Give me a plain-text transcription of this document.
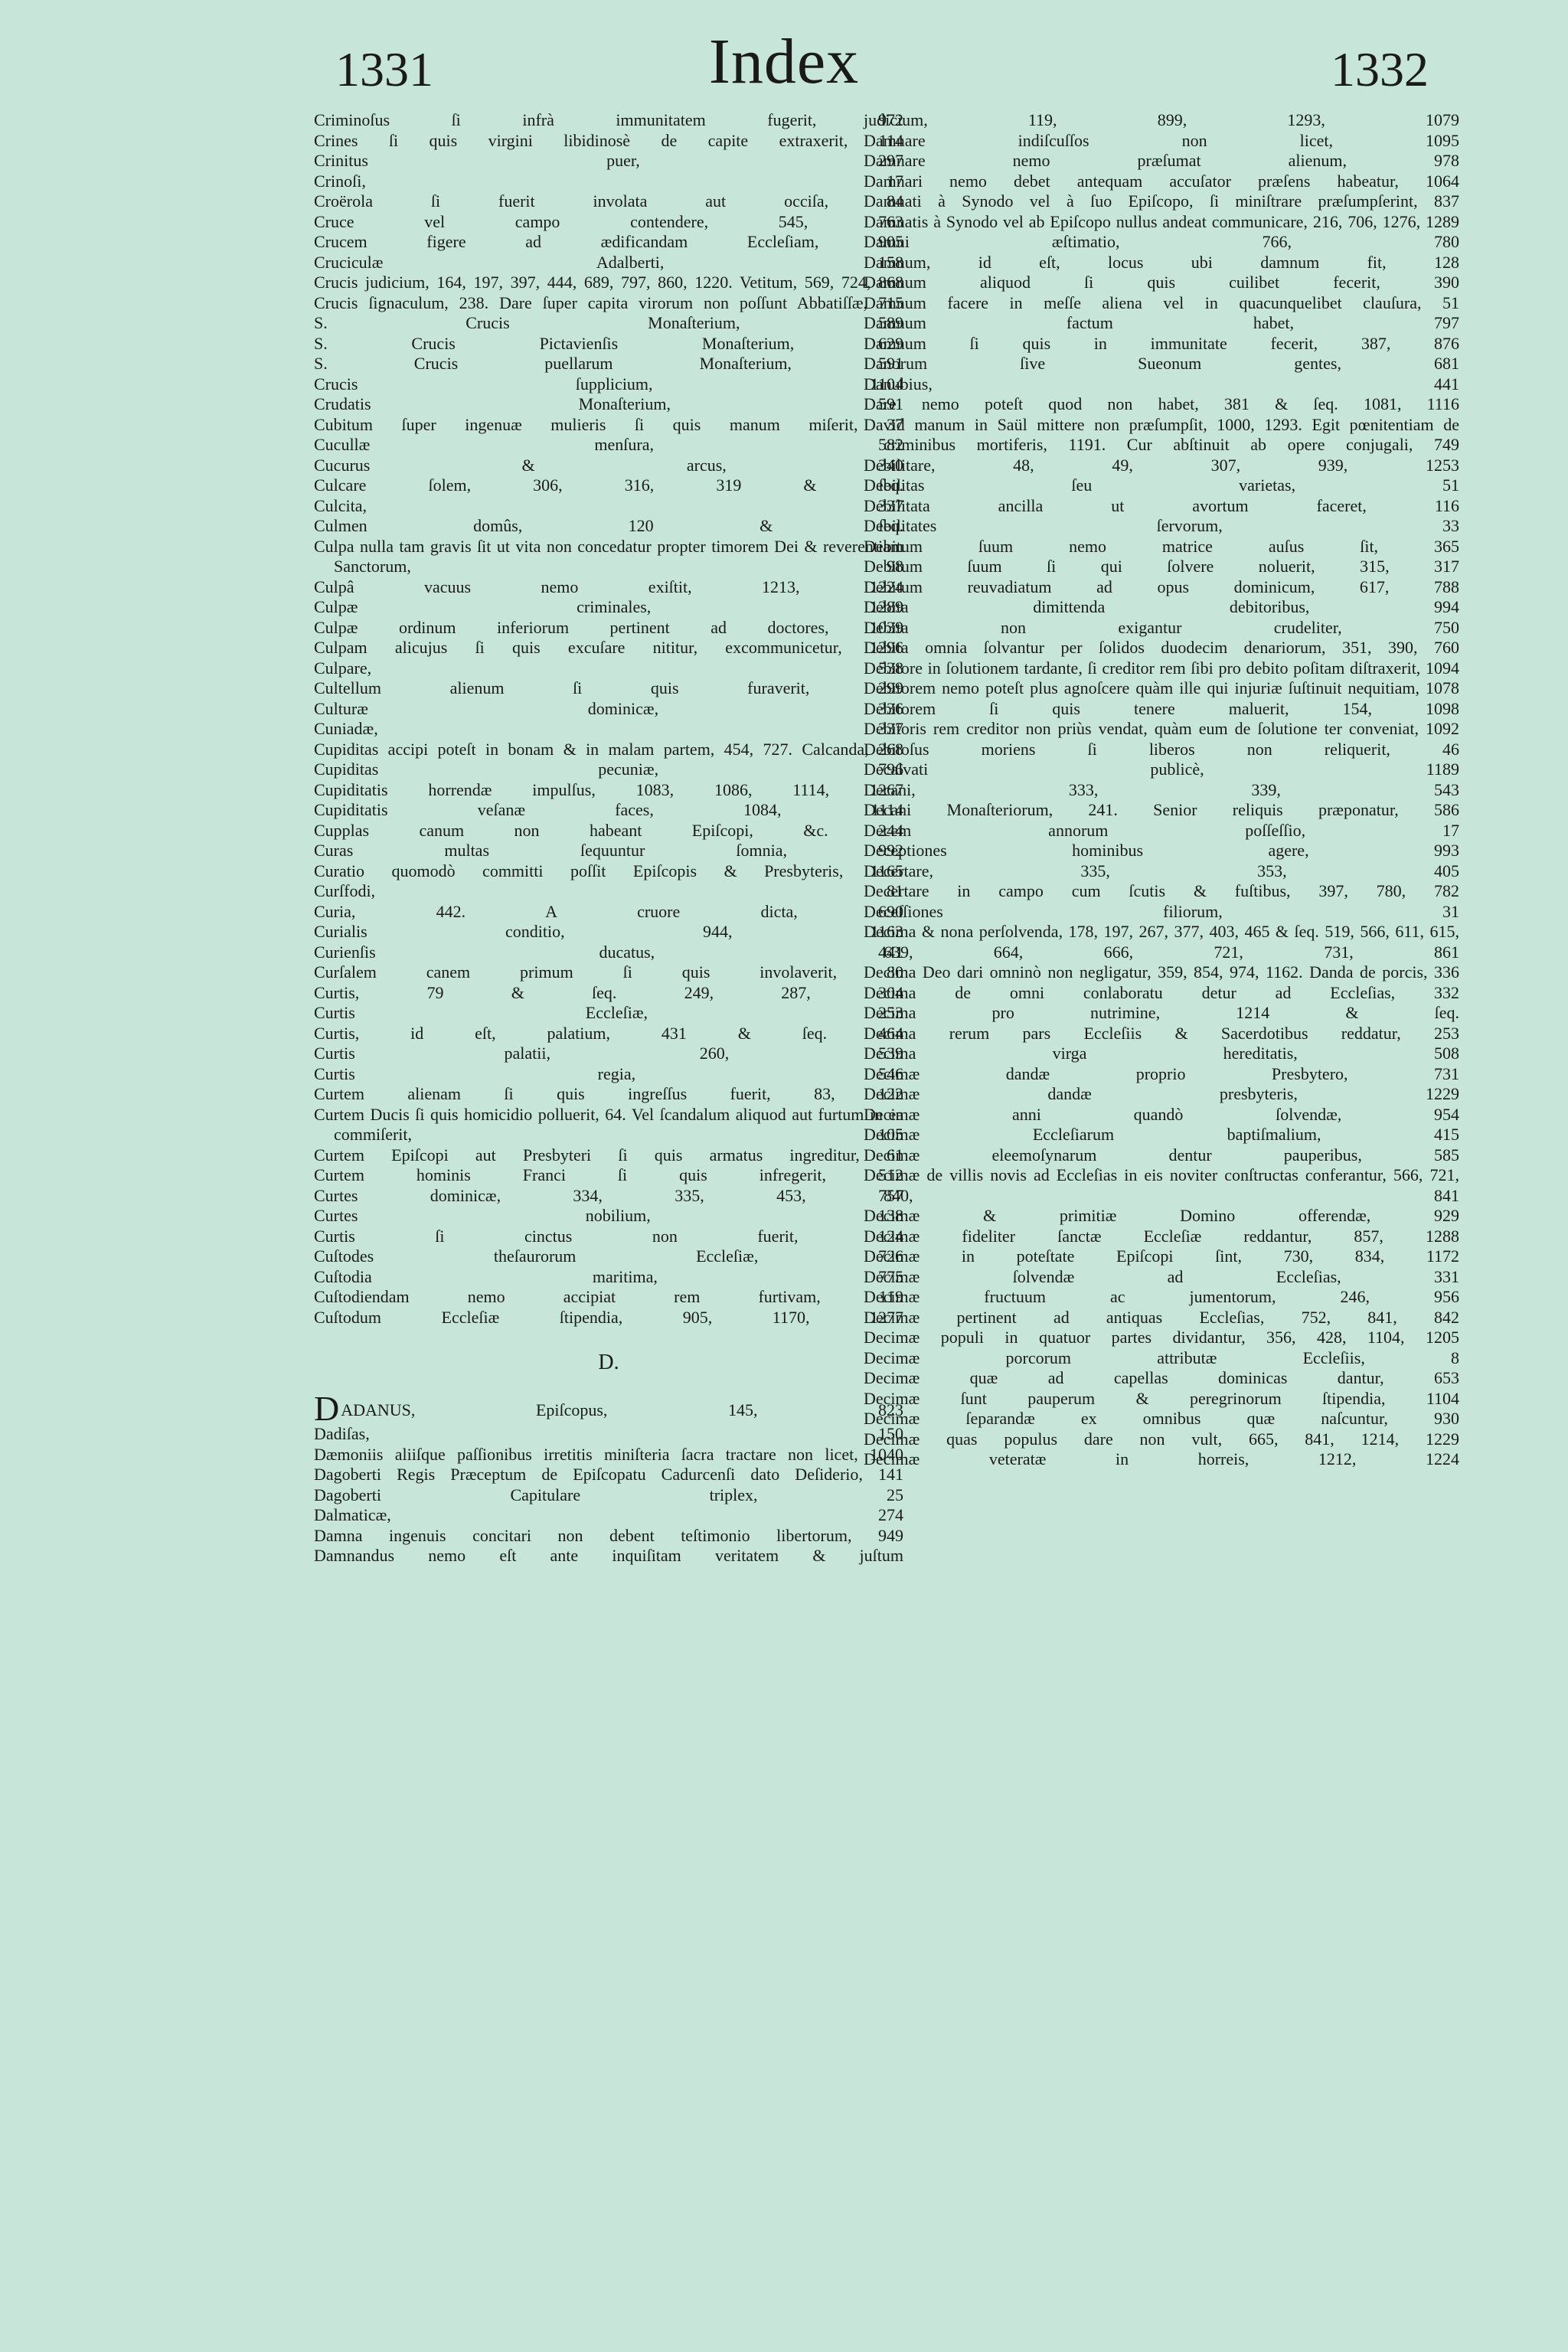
1331	Index	1332

Criminoſus ſi infrà immunitatem fugerit, 972

Crines ſi quis virgini libidinosè de capite extraxerit, 114

Crinitus puer, 297

Crinoſi, 17

Croërola ſi fuerit involata aut occiſa, 84

Cruce vel campo contendere, 545, 763

Crucem figere ad ædificandam Eccleſiam, 905

Cruciculæ Adalberti, 158

Crucis judicium, 164, 197, 397, 444, 689, 797, 860, 1220. Vetitum, 569, 724, 868

Crucis ſignaculum, 238. Dare ſuper capita virorum non poſſunt Abbatiſſæ, 715

S. Crucis Monaſterium, 589

S. Crucis Pictavienſis Monaſterium, 629

S. Crucis puellarum Monaſterium, 591

Crucis ſupplicium, 1104

Crudatis Monaſterium, 591

Cubitum ſuper ingenuæ mulieris ſi quis manum miſerit, 37

Cucullæ menſura, 582

Cucurus & arcus, 340

Culcare ſolem, 306, 316, 319 & ſeq.

Culcita, 337

Culmen domûs, 120 & ſeq.

Culpa nulla tam gravis ſit ut vita non concedatur propter timorem Dei & reverentiam Sanctorum, 98

Culpâ vacuus nemo exiſtit, 1213, 1224

Culpæ criminales, 1289

Culpæ ordinum inferiorum pertinent ad doctores, 1039

Culpam alicujus ſi quis excuſare nititur, excommunicetur, 1296

Culpare, 538

Cultellum alienum ſi quis furaverit, 299

Culturæ dominicæ, 336

Cuniadæ, 337

Cupiditas accipi poteſt in bonam & in malam partem, 454, 727. Calcanda, 268

Cupiditas pecuniæ, 796

Cupiditatis horrendæ impulſus, 1083, 1086, 1114, 1267

Cupiditatis veſanæ faces, 1084, 1114

Cupplas canum non habeant Epiſcopi, &c. 244

Curas multas ſequuntur ſomnia, 992

Curatio quomodò committi poſſit Epiſcopis & Presbyteris, 1165

Curſfodi, 81

Curia, 442. A cruore dicta, 690

Curialis conditio, 944, 1163

Curienſis ducatus, 441

Curſalem canem primum ſi quis involaverit, 80

Curtis, 79 & ſeq. 249, 287, 304

Curtis Eccleſiæ, 253

Curtis, id eſt, palatium, 431 & ſeq. 464

Curtis palatii, 260, 539

Curtis regia, 546

Curtem alienam ſi quis ingreſſus fuerit, 83, 122

Curtem Ducis ſi quis homicidio polluerit, 64. Vel ſcandalum aliquod aut furtum in ea commiſerit, 105

Curtem Epiſcopi aut Presbyteri ſi quis armatus ingreditur, 61

Curtem hominis Franci ſi quis infregerit, 512

Curtes dominicæ, 334, 335, 453, 757

Curtes nobilium, 138

Curtis ſi cinctus non fuerit, 124

Cuſtodes theſaurorum Eccleſiæ, 726

Cuſtodia maritima, 775

Cuſtodiendam nemo accipiat rem furtivam, 119

Cuſtodum Eccleſiæ ſtipendia, 905, 1170, 1277

D.

DADANUS, Epiſcopus, 145, 823

Dadiſas, 150

Dæmoniis aliiſque paſſionibus irretitis miniſteria ſacra tractare non licet, 1040

Dagoberti Regis Præceptum de Epiſcopatu Cadurcenſi dato Deſiderio, 141

Dagoberti Capitulare triplex, 25

Dalmaticæ, 274

Damna ingenuis concitari non debent teſtimonio libertorum, 949

Damnandus nemo eſt ante inquiſitam veritatem & juſtum

judicium, 119, 899, 1293, 1079

Damnare indiſcuſſos non licet, 1095

Damnare nemo præſumat alienum, 978

Damnari nemo debet antequam accuſator præſens habeatur, 1064

Damnati à Synodo vel à ſuo Epiſcopo, ſi miniſtrare præſumpſerint, 837

Damnatis à Synodo vel ab Epiſcopo nullus andeat communicare, 216, 706, 1276, 1289

Damni æſtimatio, 766, 780

Damnum, id eſt, locus ubi damnum fit, 128

Damnum aliquod ſi quis cuilibet fecerit, 390

Damnum facere in meſſe aliena vel in quacunquelibet clauſura, 51

Damnum factum habet, 797

Damnum ſi quis in immunitate fecerit, 387, 876

Danorum ſive Sueonum gentes, 681

Danubius, 441

Dare nemo poteſt quod non habet, 381 & ſeq. 1081, 1116

David manum in Saül mittere non præſumpſit, 1000, 1293. Egit pœnitentiam de criminibus mortiferis, 1191. Cur abſtinuit ab opere conjugali, 749

Debilitare, 48, 49, 307, 939, 1253

Debilitas ſeu varietas, 51

Debilitata ancilla ut avortum faceret, 116

Debilitates ſervorum, 33

Debitum ſuum nemo matrice auſus ſit, 365

Debitum ſuum ſi qui ſolvere noluerit, 315, 317

Debitum reuvadiatum ad opus dominicum, 617, 788

Debita dimittenda debitoribus, 994

Debita non exigantur crudeliter, 750

Debita omnia ſolvantur per ſolidos duodecim denariorum, 351, 390, 760

Debitore in ſolutionem tardante, ſi creditor rem ſibi pro debito poſitam diſtraxerit, 1094

Debitorem nemo poteſt plus agnoſcere quàm ille qui injuriæ ſuſtinuit nequitiam, 1078

Debitorem ſi quis tenere maluerit, 154, 1098

Debitoris rem creditor non priùs vendat, quàm eum de ſolutione ter conveniat, 1092

Debitoſus moriens ſi liberos non reliquerit, 46

Decalvati publicè, 1189

Decani, 333, 339, 543

Decani Monaſteriorum, 241. Senior reliquis præponatur, 586

Decem annorum poſſeſſio, 17

Deceptiones hominibus agere, 993

Decertare, 335, 353, 405

Decertare in campo cum ſcutis & fuſtibus, 397, 780, 782

Deceſſiones filiorum, 31

Decima & nona perſolvenda, 178, 197, 267, 377, 403, 465 & ſeq. 519, 566, 611, 615, 639, 664, 666, 721, 731, 861

Decima Deo dari omninò non negligatur, 359, 854, 974, 1162. Danda de porcis, 336

Decima de omni conlaboratu detur ad Eccleſias, 332

Decima pro nutrimine, 1214 & ſeq.

Decima rerum pars Eccleſiis & Sacerdotibus reddatur, 253

Decima virga hereditatis, 508

Decimæ dandæ proprio Presbytero, 731

Decimæ dandæ presbyteris, 1229

Decimæ anni quandò ſolvendæ, 954

Decimæ Eccleſiarum baptiſmalium, 415

Decimæ eleemoſynarum dentur pauperibus, 585

Decimæ de villis novis ad Eccleſias in eis noviter conſtructas conferantur, 566, 721, 840, 841

Decimæ & primitiæ Domino offerendæ, 929

Decimæ fideliter ſanctæ Eccleſiæ reddantur, 857, 1288

Decimæ in poteſtate Epiſcopi ſint, 730, 834, 1172

Decimæ ſolvendæ ad Eccleſias, 331

Decimæ fructuum ac jumentorum, 246, 956

Decimæ pertinent ad antiquas Eccleſias, 752, 841, 842

Decimæ populi in quatuor partes dividantur, 356, 428, 1104, 1205

Decimæ porcorum attributæ Eccleſiis, 8

Decimæ quæ ad capellas dominicas dantur, 653

Decimæ ſunt pauperum & peregrinorum ſtipendia, 1104

Decimæ ſeparandæ ex omnibus quæ naſcuntur, 930

Decimæ quas populus dare non vult, 665, 841, 1214, 1229

Decimæ veteratæ in horreis, 1212, 1224
